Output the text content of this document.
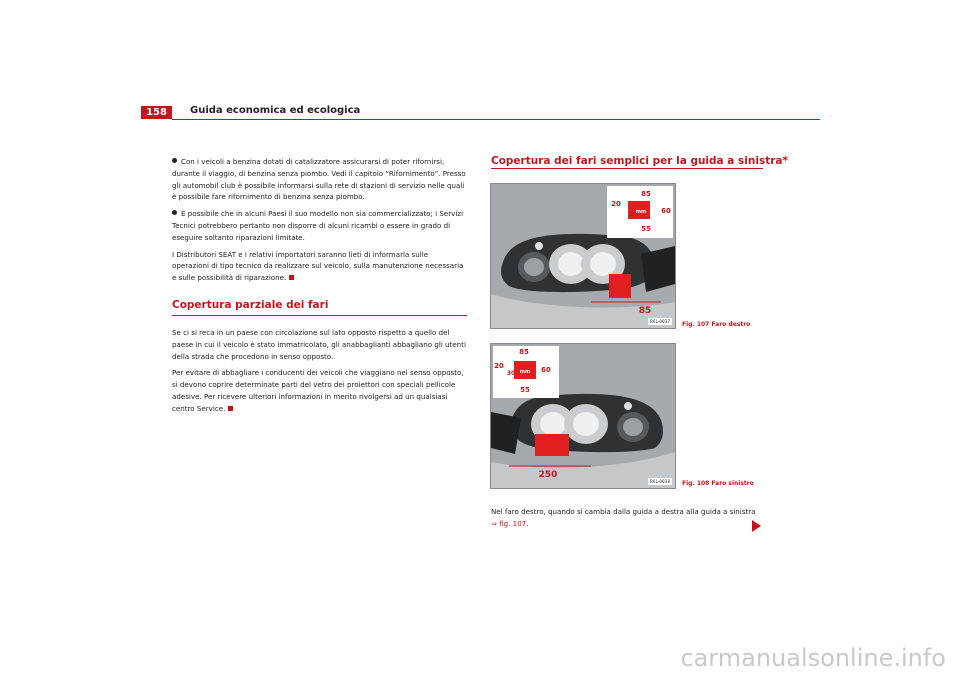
158	Guida economica ed ecologica

Con i veicoli a benzina dotati di catalizzatore assicurarsi di poter rifornirsi, durante il viaggio, di benzina senza piombo. Vedi il capitolo “Rifornimento”. Presso gli automobil club è possibile informarsi sulla rete di stazioni di servizio nelle quali è possibile fare rifornimento di benzina senza piombo.

È possibile che in alcuni Paesi il suo modello non sia commercializzato; i Servizi Tecnici potrebbero pertanto non disporre di alcuni ricambi o essere in grado di eseguire soltanto riparazioni limitate.

I Distributori SEAT e i relativi importatori saranno lieti di informarla sulle operazioni di tipo tecnico da realizzare sul veicolo, sulla manutenzione necessaria e sulle possibilità di riparazione.

Copertura parziale dei fari

Se ci si reca in un paese con circolazione sul lato opposto rispetto a quello del paese in cui il veicolo è stato immatricolato, gli anabbaglianti abbagliano gli utenti della strada che procedono in senso opposto.

Per evitare di abbagliare i conducenti dei veicoli che viaggiano nel senso opposto, si devono coprire determinate parti del vetro dei proiettori con speciali pellicole adesive. Per ricevere ulteriori informazioni in merito rivolgersi ad un qualsiasi centro Service.

Copertura dei fari semplici per la guida a sinistra*
85
20
30
mm 60
55
85
B6L-0037	Fig. 107 Faro destro
85
20
30 mm 60
55
250
B6L-0038	Fig. 108 Faro sinistro

Nel faro destro, quando si cambia dalla guida a destra alla guida a sinistra
⇒ fig. 107.

carmanualsonline.info
